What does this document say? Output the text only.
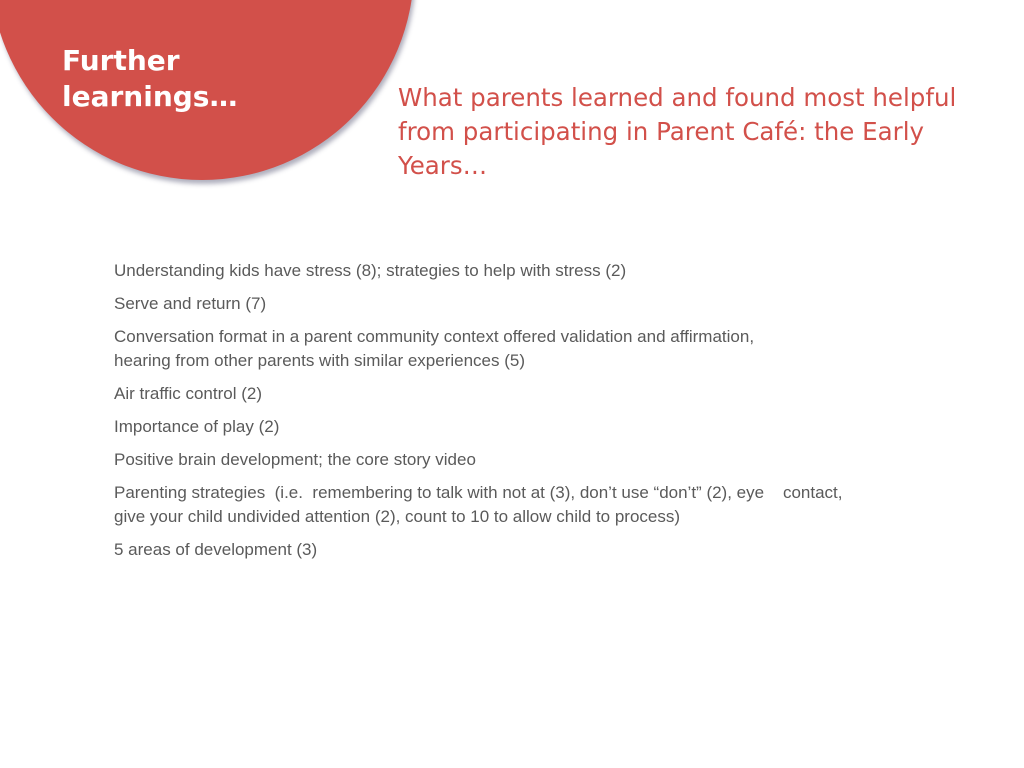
Further learnings…	What parents learned and found most helpful from participating in Parent Café: the Early Years…
Understanding kids have stress (8); strategies to help with stress (2)
Serve and return (7)
Conversation format in a parent community context offered validation and affirmation,
hearing from other parents with similar experiences (5)
Air traffic control (2)
Importance of play (2)
Positive brain development; the core story video
Parenting strategies  (i.e.  remembering to talk with not at (3), don’t use “don’t” (2), eye    contact,
give your child undivided attention (2), count to 10 to allow child to process)
5 areas of development (3)
